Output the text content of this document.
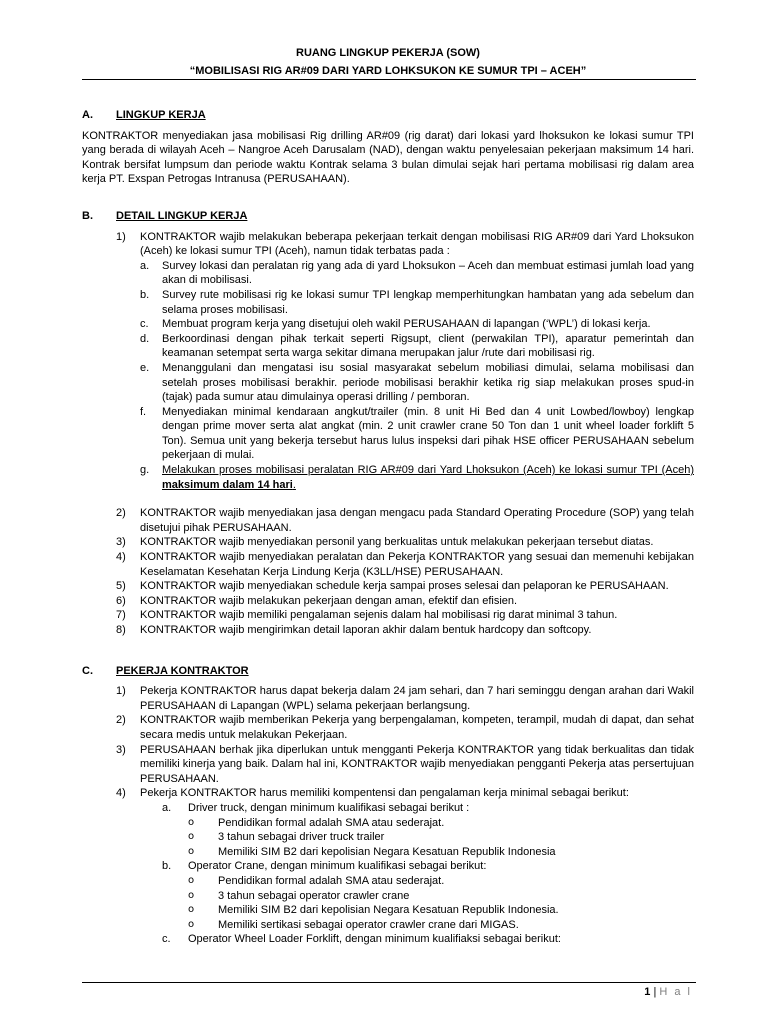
RUANG LINGKUP PEKERJA (SOW)
“MOBILISASI RIG AR#09 DARI YARD LOHKSUKON KE SUMUR TPI – ACEH”
A.	LINGKUP KERJA
KONTRAKTOR menyediakan jasa mobilisasi Rig drilling AR#09 (rig darat) dari lokasi yard lhoksukon ke lokasi sumur TPI yang berada di wilayah Aceh – Nangroe Aceh Darusalam (NAD), dengan waktu penyelesaian pekerjaan maksimum 14 hari. Kontrak bersifat lumpsum dan periode waktu Kontrak selama 3 bulan dimulai sejak hari pertama mobilisasi rig dalam area kerja PT. Exspan Petrogas Intranusa (PERUSAHAAN).
B.	DETAIL LINGKUP KERJA
1)	KONTRAKTOR wajib melakukan beberapa pekerjaan terkait dengan mobilisasi RIG AR#09 dari Yard Lhoksukon (Aceh) ke lokasi sumur TPI (Aceh), namun tidak terbatas pada :
a.	Survey lokasi dan peralatan rig yang ada di yard Lhoksukon – Aceh dan membuat estimasi jumlah load yang akan di mobilisasi.
b.	Survey rute mobilisasi rig ke lokasi sumur TPI lengkap memperhitungkan hambatan yang ada sebelum dan selama proses mobilisasi.
c.	Membuat program kerja yang disetujui oleh wakil PERUSAHAAN di lapangan (‘WPL’) di lokasi kerja.
d.	Berkoordinasi dengan pihak terkait seperti Rigsupt, client (perwakilan TPI), aparatur pemerintah dan keamanan setempat serta warga sekitar dimana merupakan jalur /rute dari mobilisasi rig.
e.	Menanggulani dan mengatasi isu sosial masyarakat sebelum mobiliasi dimulai, selama mobilisasi dan setelah proses mobilisasi berakhir. periode mobilisasi berakhir ketika rig siap melakukan proses spud-in (tajak) pada sumur atau dimulainya operasi drilling / pemboran.
f.	Menyediakan minimal kendaraan angkut/trailer (min. 8 unit Hi Bed dan 4 unit Lowbed/lowboy) lengkap dengan prime mover serta alat angkat (min. 2 unit crawler crane 50 Ton dan 1 unit wheel loader forklift 5 Ton). Semua unit yang bekerja tersebut harus lulus inspeksi dari pihak HSE officer PERUSAHAAN sebelum pekerjaan di mulai.
g.	Melakukan proses mobilisasi peralatan RIG AR#09 dari Yard Lhoksukon (Aceh) ke lokasi sumur TPI (Aceh) maksimum dalam 14 hari.
2)	KONTRAKTOR wajib menyediakan jasa dengan mengacu pada Standard Operating Procedure (SOP) yang telah disetujui pihak PERUSAHAAN.
3)	KONTRAKTOR wajib menyediakan personil yang berkualitas untuk melakukan pekerjaan tersebut diatas.
4)	KONTRAKTOR wajib menyediakan peralatan dan Pekerja KONTRAKTOR yang sesuai dan memenuhi kebijakan Keselamatan Kesehatan Kerja Lindung Kerja (K3LL/HSE) PERUSAHAAN.
5)	KONTRAKTOR wajib menyediakan schedule kerja sampai proses selesai dan pelaporan ke PERUSAHAAN.
6)	KONTRAKTOR wajib melakukan pekerjaan dengan aman, efektif dan efisien.
7)	KONTRAKTOR wajib memiliki pengalaman sejenis dalam hal mobilisasi rig darat minimal 3 tahun.
8)	KONTRAKTOR wajib mengirimkan detail laporan akhir dalam bentuk hardcopy dan softcopy.
C.	PEKERJA KONTRAKTOR
1)	Pekerja KONTRAKTOR harus dapat bekerja dalam 24 jam sehari, dan 7 hari seminggu dengan arahan dari Wakil PERUSAHAAN di Lapangan (WPL) selama pekerjaan berlangsung.
2)	KONTRAKTOR wajib memberikan Pekerja yang berpengalaman, kompeten, terampil, mudah di dapat, dan sehat secara medis untuk melakukan Pekerjaan.
3)	PERUSAHAAN berhak jika diperlukan untuk mengganti Pekerja KONTRAKTOR yang tidak berkualitas dan tidak memiliki kinerja yang baik. Dalam hal ini, KONTRAKTOR wajib menyediakan pengganti Pekerja atas persertujuan PERUSAHAAN.
4)	Pekerja KONTRAKTOR harus memiliki kompentensi dan pengalaman kerja minimal sebagai berikut:
a.	Driver truck, dengan minimum kualifikasi sebagai berikut :
o	Pendidikan formal adalah SMA atau sederajat.
o	3 tahun sebagai driver truck trailer
o	Memiliki SIM B2 dari kepolisian Negara Kesatuan Republik Indonesia
b.	Operator Crane, dengan minimum kualifikasi sebagai berikut:
o	Pendidikan formal adalah SMA atau sederajat.
o	3 tahun sebagai operator crawler crane
o	Memiliki SIM B2 dari kepolisian Negara Kesatuan Republik Indonesia.
o	Memiliki sertikasi sebagai operator crawler crane dari MIGAS.
c.	Operator Wheel Loader Forklift, dengan minimum kualifiaksi sebagai berikut:
1 | H a l
